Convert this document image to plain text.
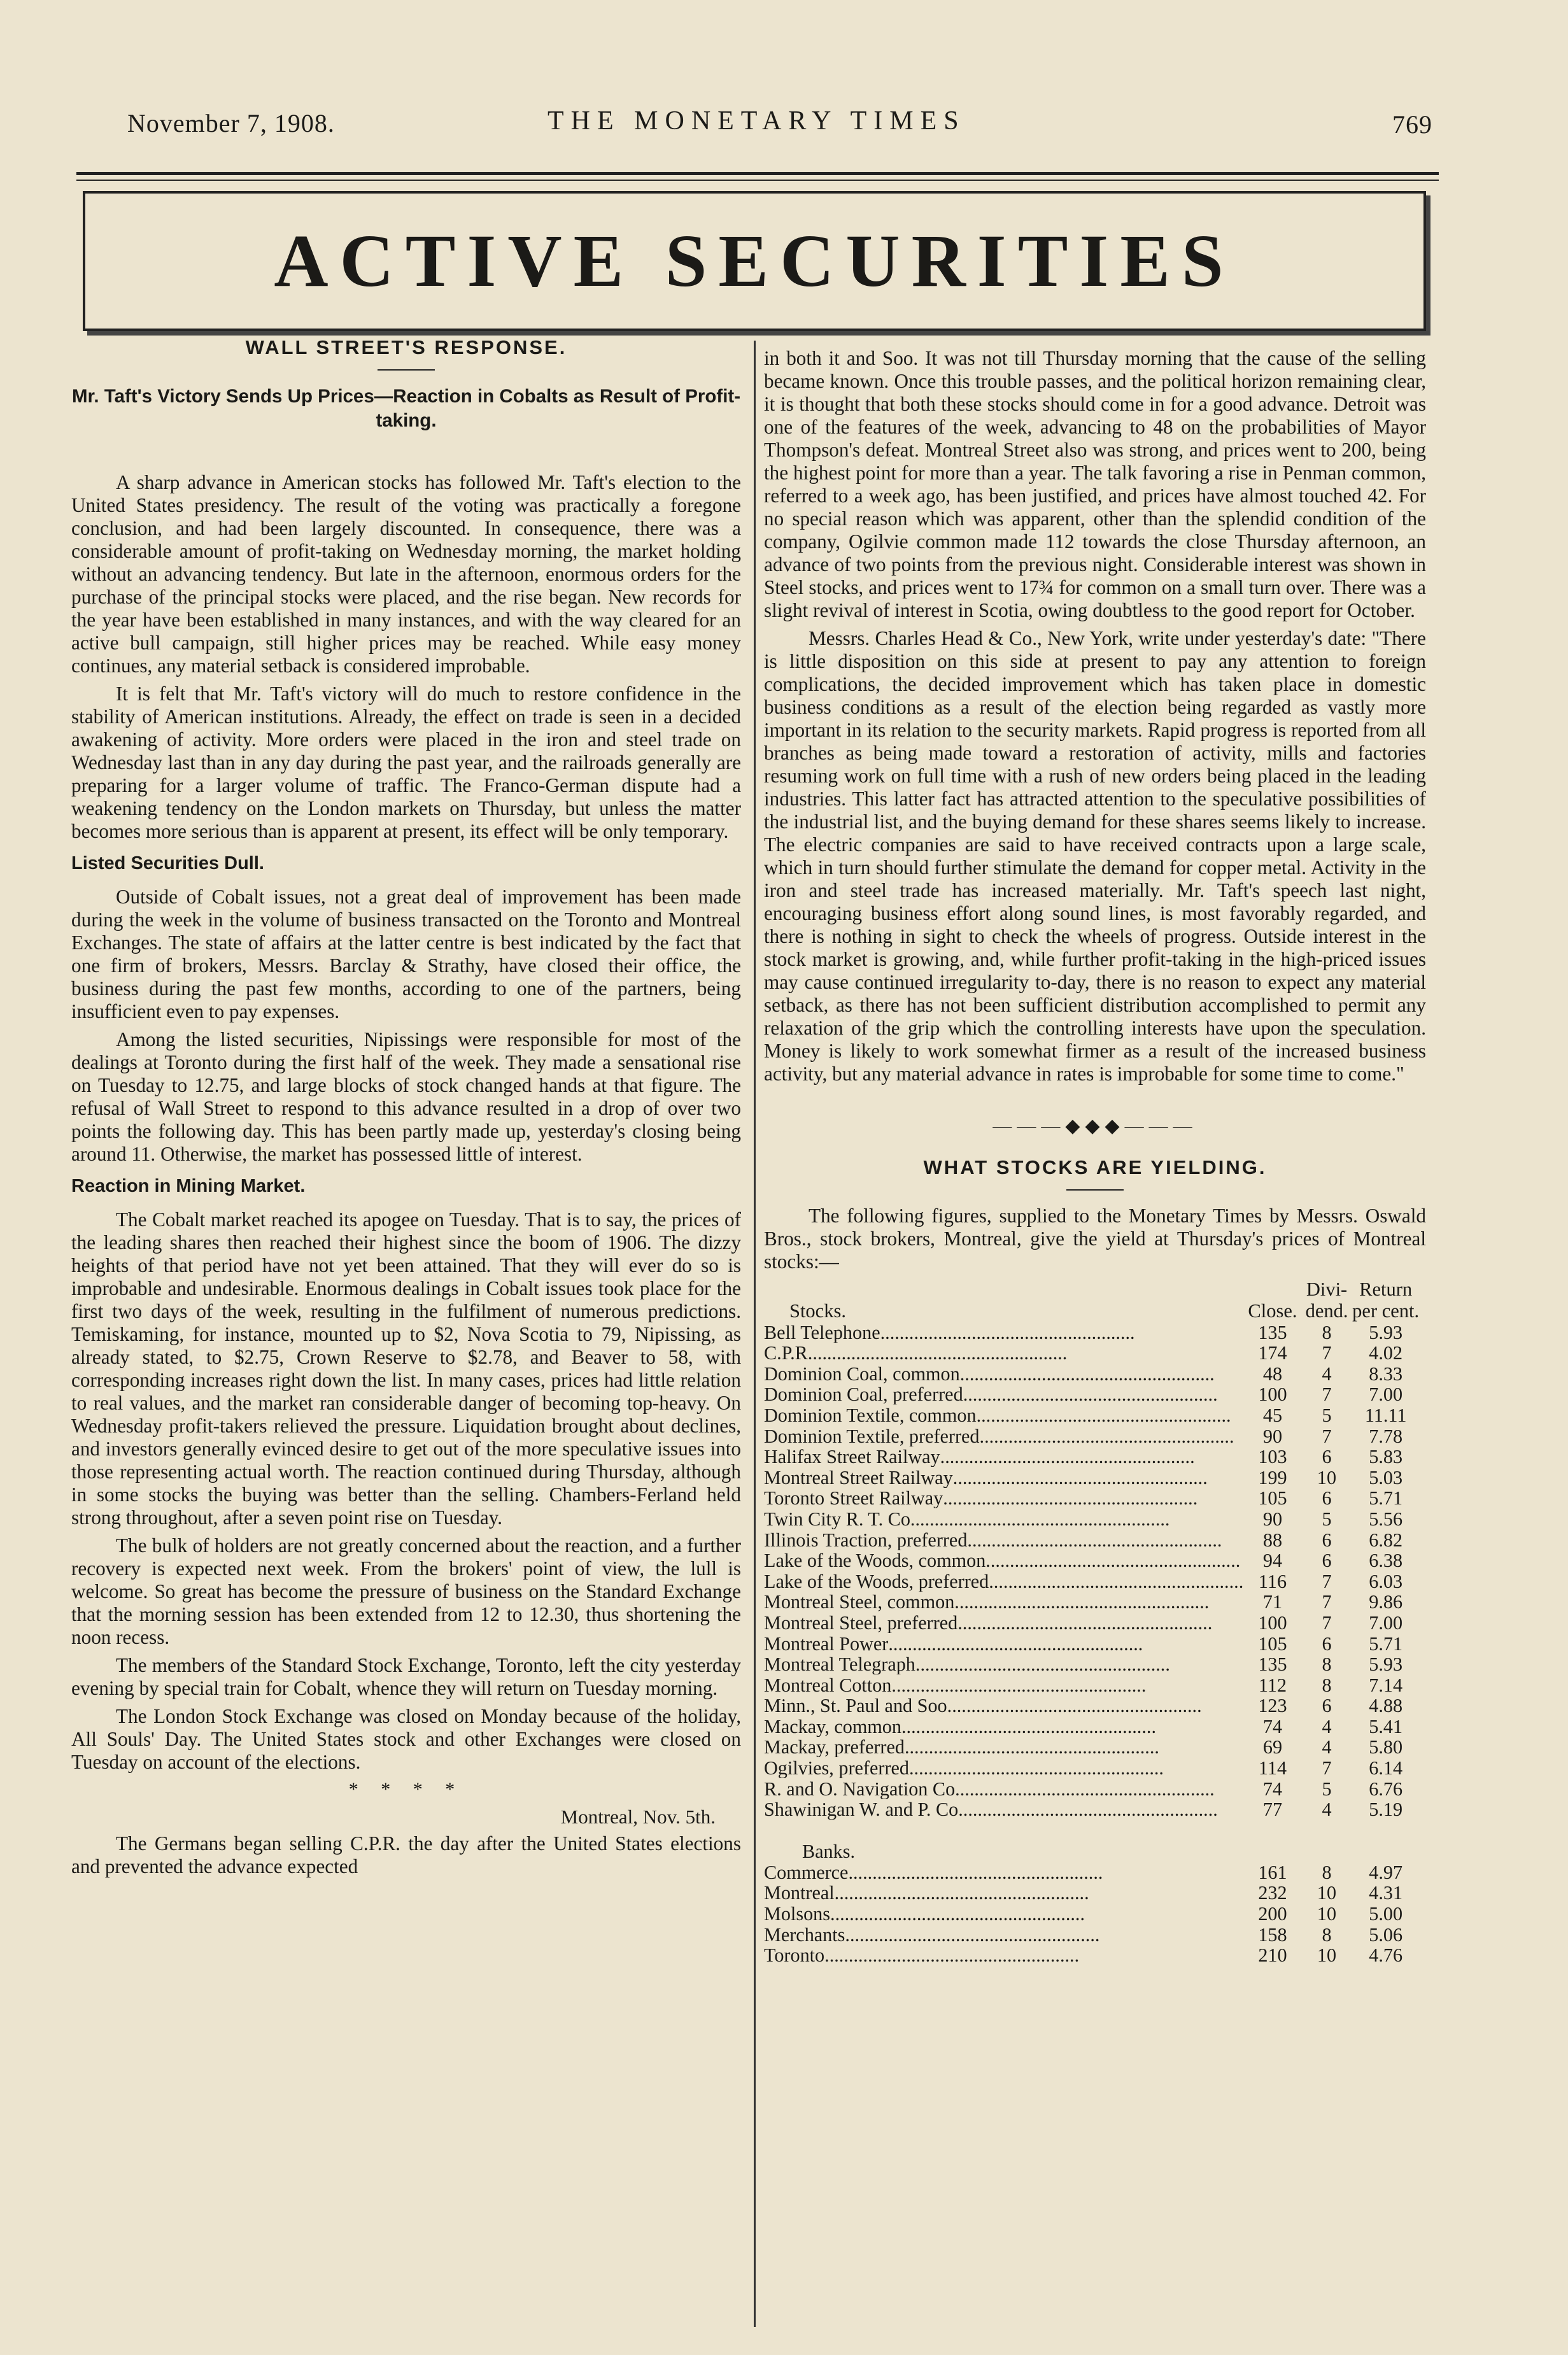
November 7, 1908.	THE MONETARY TIMES	769
ACTIVE SECURITIES
WALL STREET'S RESPONSE.
Mr. Taft's Victory Sends Up Prices—Reaction in Cobalts as Result of Profit-taking.

A sharp advance in American stocks has followed Mr. Taft's election to the United States presidency. The result of the voting was practically a foregone conclusion, and had been largely discounted. In consequence, there was a considerable amount of profit-taking on Wednesday morning, the market holding without an advancing tendency. But late in the afternoon, enormous orders for the purchase of the principal stocks were placed, and the rise began. New records for the year have been established in many instances, and with the way cleared for an active bull campaign, still higher prices may be reached. While easy money continues, any material setback is considered improbable.

It is felt that Mr. Taft's victory will do much to restore confidence in the stability of American institutions. Already, the effect on trade is seen in a decided awakening of activity. More orders were placed in the iron and steel trade on Wednesday last than in any day during the past year, and the railroads generally are preparing for a larger volume of traffic. The Franco-German dispute had a weakening tendency on the London markets on Thursday, but unless the matter becomes more serious than is apparent at present, its effect will be only temporary.

Listed Securities Dull.

Outside of Cobalt issues, not a great deal of improvement has been made during the week in the volume of business transacted on the Toronto and Montreal Exchanges. The state of affairs at the latter centre is best indicated by the fact that one firm of brokers, Messrs. Barclay & Strathy, have closed their office, the business during the past few months, according to one of the partners, being insufficient even to pay expenses.

Among the listed securities, Nipissings were responsible for most of the dealings at Toronto during the first half of the week. They made a sensational rise on Tuesday to 12.75, and large blocks of stock changed hands at that figure. The refusal of Wall Street to respond to this advance resulted in a drop of over two points the following day. This has been partly made up, yesterday's closing being around 11. Otherwise, the market has possessed little of interest.

Reaction in Mining Market.

The Cobalt market reached its apogee on Tuesday. That is to say, the prices of the leading shares then reached their highest since the boom of 1906. The dizzy heights of that period have not yet been attained. That they will ever do so is improbable and undesirable. Enormous dealings in Cobalt issues took place for the first two days of the week, resulting in the fulfilment of numerous predictions. Temiskaming, for instance, mounted up to $2, Nova Scotia to 79, Nipissing, as already stated, to $2.75, Crown Reserve to $2.78, and Beaver to 58, with corresponding increases right down the list. In many cases, prices had little relation to real values, and the market ran considerable danger of becoming top-heavy. On Wednesday profit-takers relieved the pressure. Liquidation brought about declines, and investors generally evinced desire to get out of the more speculative issues into those representing actual worth. The reaction continued during Thursday, although in some stocks the buying was better than the selling. Chambers-Ferland held strong throughout, after a seven point rise on Tuesday.

The bulk of holders are not greatly concerned about the reaction, and a further recovery is expected next week. From the brokers' point of view, the lull is welcome. So great has become the pressure of business on the Standard Exchange that the morning session has been extended from 12 to 12.30, thus shortening the noon recess.

The members of the Standard Stock Exchange, Toronto, left the city yesterday evening by special train for Cobalt, whence they will return on Tuesday morning.

The London Stock Exchange was closed on Monday because of the holiday, All Souls' Day. The United States stock and other Exchanges were closed on Tuesday on account of the elections.

* * * *
Montreal, Nov. 5th.

The Germans began selling C.P.R. the day after the United States elections and prevented the advance expected

in both it and Soo. It was not till Thursday morning that the cause of the selling became known. Once this trouble passes, and the political horizon remaining clear, it is thought that both these stocks should come in for a good advance. Detroit was one of the features of the week, advancing to 48 on the probabilities of Mayor Thompson's defeat. Montreal Street also was strong, and prices went to 200, being the highest point for more than a year. The talk favoring a rise in Penman common, referred to a week ago, has been justified, and prices have almost touched 42. For no special reason which was apparent, other than the splendid condition of the company, Ogilvie common made 112 towards the close Thursday afternoon, an advance of two points from the previous night. Considerable interest was shown in Steel stocks, and prices went to 17¾ for common on a small turn over. There was a slight revival of interest in Scotia, owing doubtless to the good report for October.

Messrs. Charles Head & Co., New York, write under yesterday's date: "There is little disposition on this side at present to pay any attention to foreign complications, the decided improvement which has taken place in domestic business conditions as a result of the election being regarded as vastly more important in its relation to the security markets. Rapid progress is reported from all branches as being made toward a restoration of activity, mills and factories resuming work on full time with a rush of new orders being placed in the leading industries. This latter fact has attracted attention to the speculative possibilities of the industrial list, and the buying demand for these shares seems likely to increase. The electric companies are said to have received contracts upon a large scale, which in turn should further stimulate the demand for copper metal. Activity in the iron and steel trade has increased materially. Mr. Taft's speech last night, encouraging business effort along sound lines, is most favorably regarded, and there is nothing in sight to check the wheels of progress. Outside interest in the stock market is growing, and, while further profit-taking in the high-priced issues may cause continued irregularity to-day, there is no reason to expect any material setback, as there has not been sufficient distribution accomplished to permit any relaxation of the grip which the controlling interests have upon the speculation. Money is likely to work somewhat firmer as a result of the increased business activity, but any material advance in rates is improbable for some time to come."

———◆◆◆———
WHAT STOCKS ARE YIELDING.

The following figures, supplied to the Monetary Times by Messrs. Oswald Bros., stock brokers, Montreal, give the yield at Thursday's prices of Montreal stocks:—

Stocks.	Close.	Divi- dend.	Return per cent.
Bell Telephone.....................................................	135	8	5.93
C.P.R......................................................	174	7	4.02
Dominion Coal, common.....................................................	48	4	8.33
Dominion Coal, preferred.....................................................	100	7	7.00
Dominion Textile, common.....................................................	45	5	11.11
Dominion Textile, preferred.....................................................	90	7	7.78
Halifax Street Railway.....................................................	103	6	5.83
Montreal Street Railway.....................................................	199	10	5.03
Toronto Street Railway.....................................................	105	6	5.71
Twin City R. T. Co......................................................	90	5	5.56
Illinois Traction, preferred.....................................................	88	6	6.82
Lake of the Woods, common.....................................................	94	6	6.38
Lake of the Woods, preferred.....................................................	116	7	6.03
Montreal Steel, common.....................................................	71	7	9.86
Montreal Steel, preferred.....................................................	100	7	7.00
Montreal Power.....................................................	105	6	5.71
Montreal Telegraph.....................................................	135	8	5.93
Montreal Cotton.....................................................	112	8	7.14
Minn., St. Paul and Soo.....................................................	123	6	4.88
Mackay, common.....................................................	74	4	5.41
Mackay, preferred.....................................................	69	4	5.80
Ogilvies, preferred.....................................................	114	7	6.14
R. and O. Navigation Co......................................................	74	5	6.76
Shawinigan W. and P. Co......................................................	77	4	5.19
Banks.			
Commerce.....................................................	161	8	4.97
Montreal.....................................................	232	10	4.31
Molsons.....................................................	200	10	5.00
Merchants.....................................................	158	8	5.06
Toronto.....................................................	210	10	4.76
